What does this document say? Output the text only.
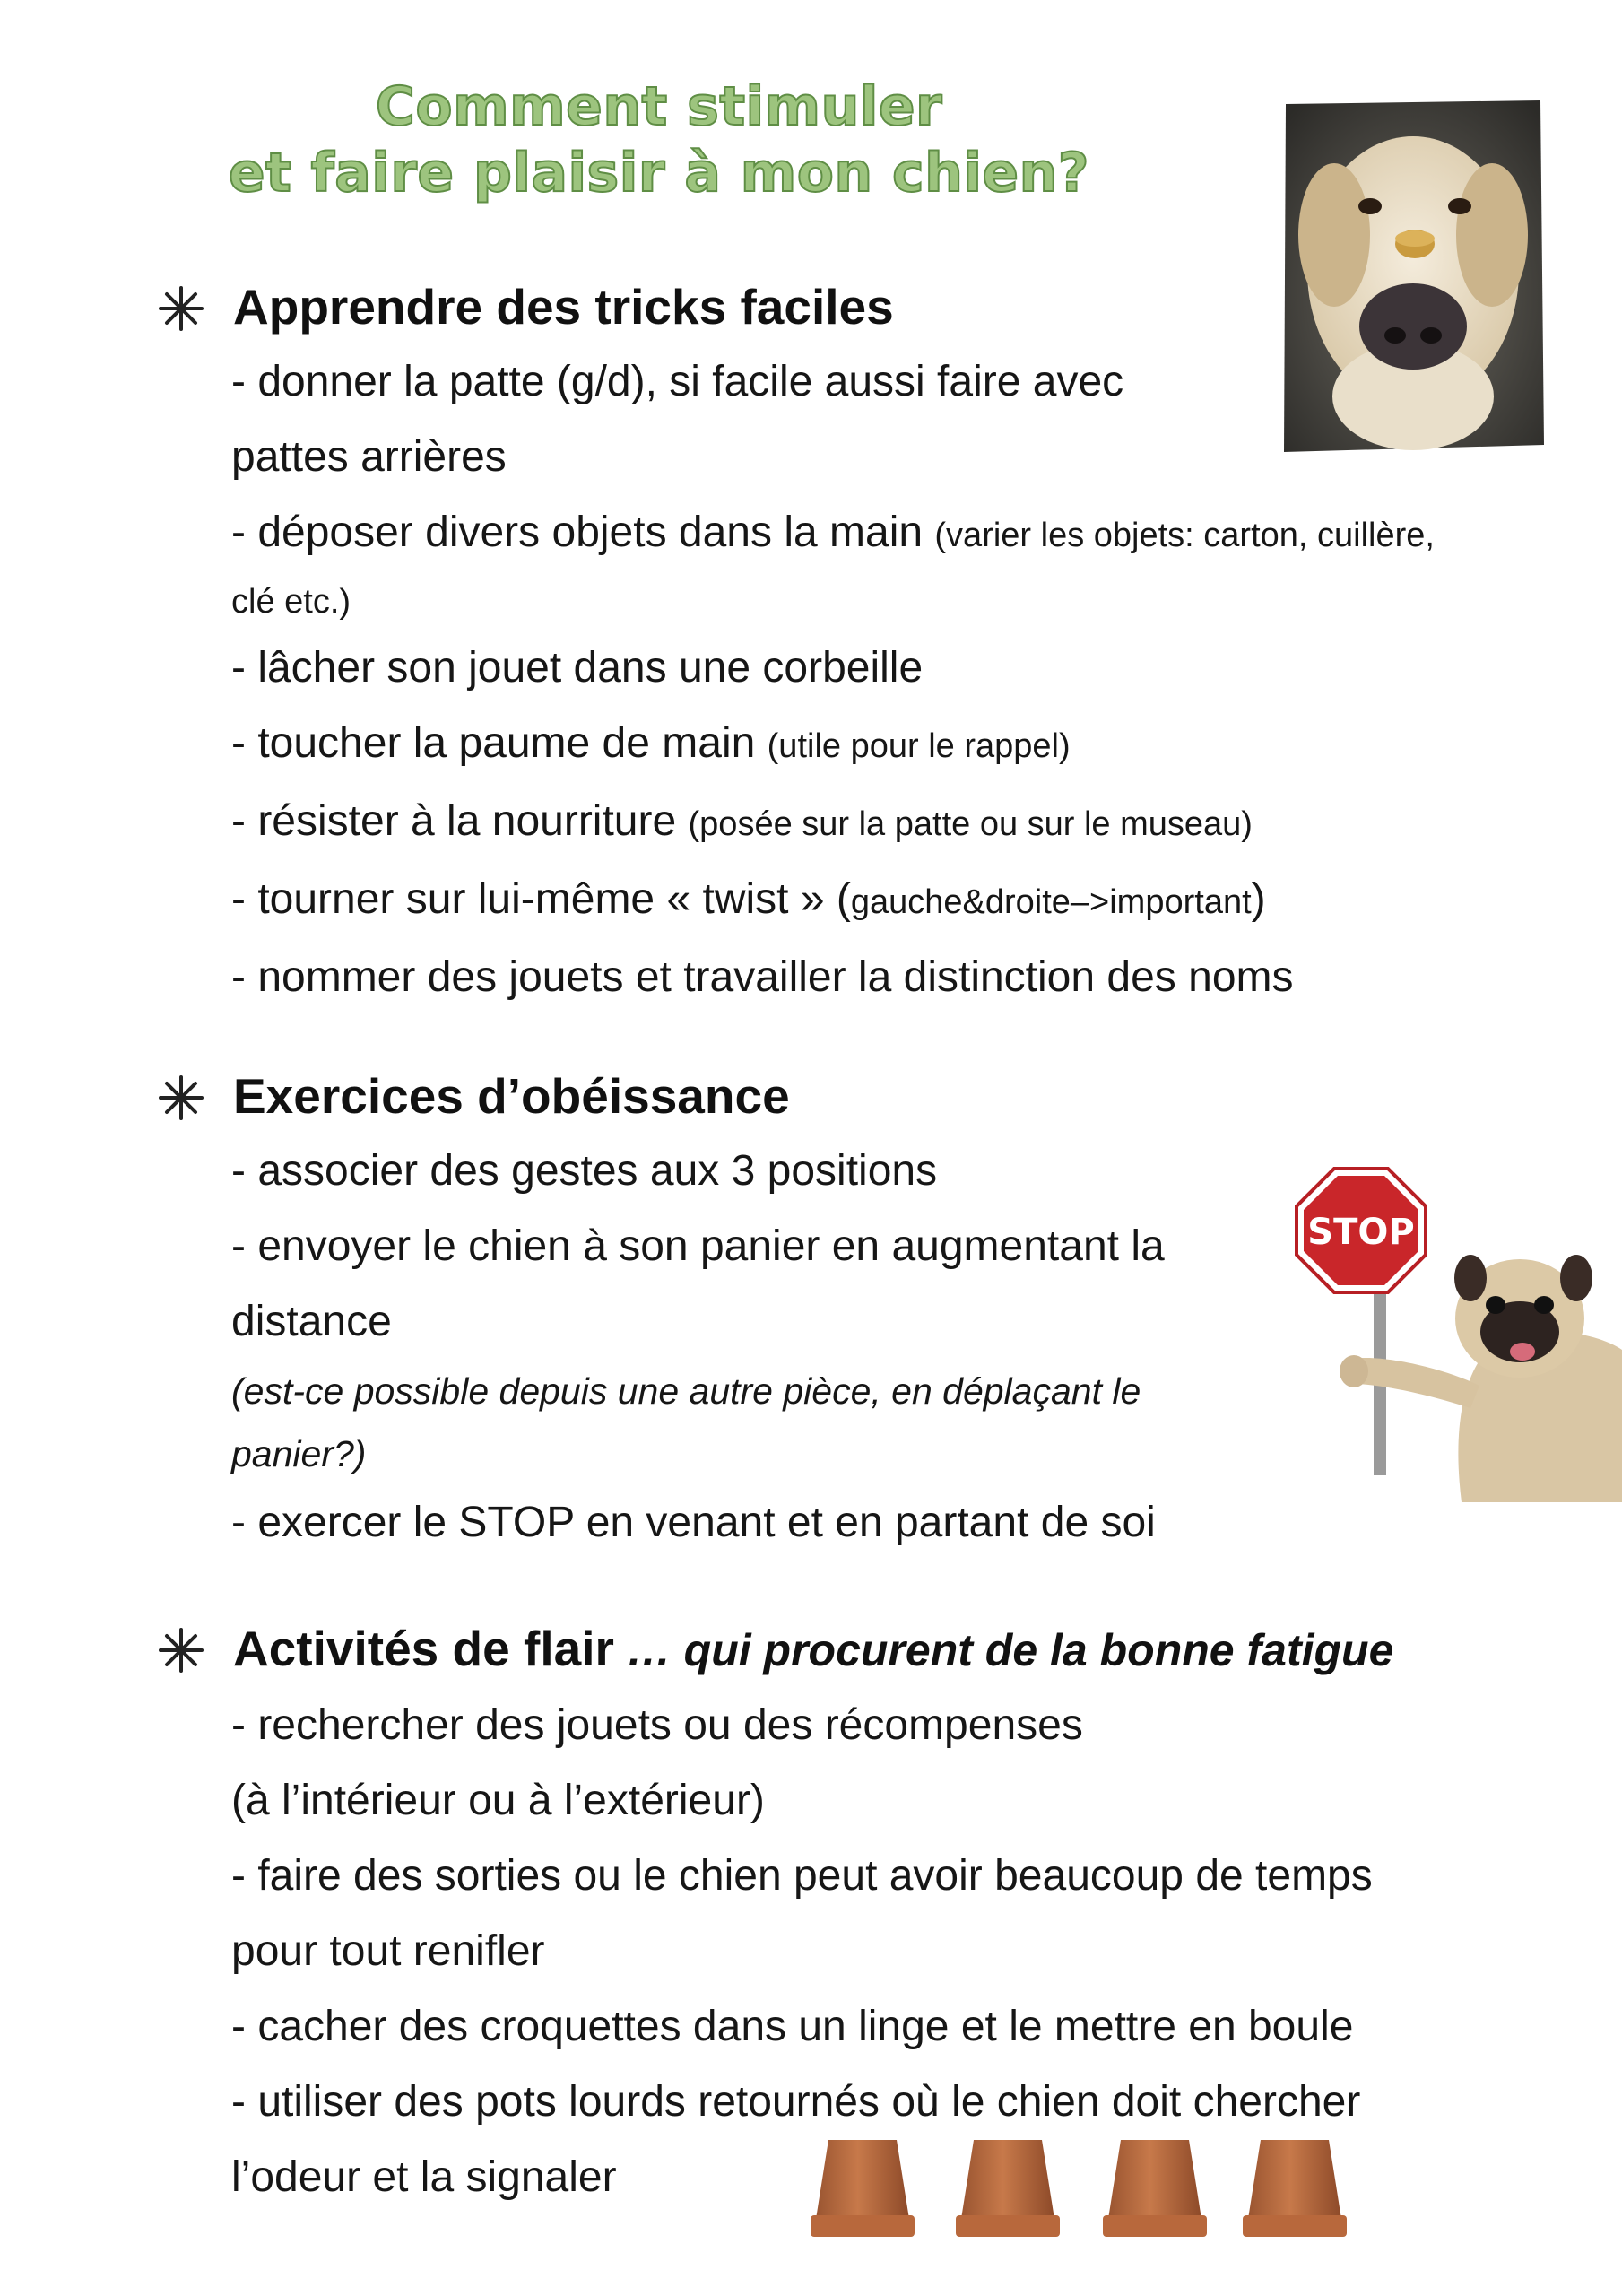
Comment stimuler
et faire plaisir à mon chien?
Apprendre des tricks faciles
- donner la patte (g/d), si facile aussi faire avec
pattes arrières
- déposer divers objets dans la main (varier les objets: carton, cuillère,
clé etc.)
- lâcher son jouet dans une corbeille
- toucher la paume de main (utile pour le rappel)
- résister à la nourriture (posée sur la patte ou sur le museau)
- tourner sur lui-même « twist » (gauche&droite–>important)
- nommer des jouets et travailler la distinction des noms
Exercices d’obéissance
- associer des gestes aux 3 positions
- envoyer le chien à son panier en augmentant la
distance
(est-ce possible depuis une autre pièce, en déplaçant le
panier?)
- exercer le STOP en venant et en partant de soi
STOP
Activités de flair … qui procurent de la bonne fatigue
- rechercher des jouets ou des récompenses
(à l’intérieur ou à l’extérieur)
- faire des sorties ou le chien peut avoir beaucoup de temps
pour tout renifler
- cacher des croquettes dans un linge et le mettre en boule
- utiliser des pots lourds retournés où le chien doit chercher
l’odeur et la signaler
